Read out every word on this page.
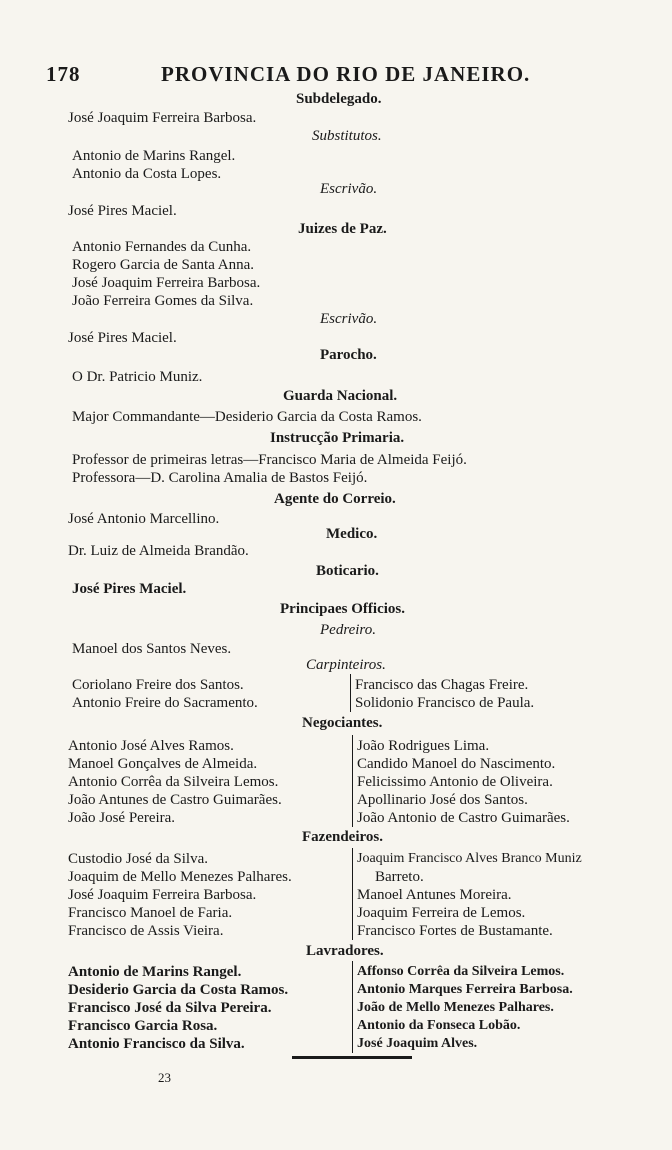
178	PROVINCIA DO RIO DE JANEIRO.
Subdelegado.
José Joaquim Ferreira Barbosa.
Substitutos.
Antonio de Marins Rangel.
Antonio da Costa Lopes.
Escrivão.
José Pires Maciel.
Juizes de Paz.
Antonio Fernandes da Cunha.
Rogero Garcia de Santa Anna.
José Joaquim Ferreira Barbosa.
João Ferreira Gomes da Silva.
Escrivão.
José Pires Maciel.
Parocho.
O Dr. Patricio Muniz.
Guarda Nacional.
Major Commandante—Desiderio Garcia da Costa Ramos.
Instrucção Primaria.
Professor de primeiras letras—Francisco Maria de Almeida Feijó.
Professora—D. Carolina Amalia de Bastos Feijó.
Agente do Correio.
José Antonio Marcellino.
Medico.
Dr. Luiz de Almeida Brandão.
Boticario.
José Pires Maciel.
Principaes Officios.
Pedreiro.
Manoel dos Santos Neves.
Carpinteiros.
Coriolano Freire dos Santos.
Antonio Freire do Sacramento.
Francisco das Chagas Freire.
Solidonio Francisco de Paula.
Negociantes.
Antonio José Alves Ramos.
Manoel Gonçalves de Almeida.
Antonio Corrêa da Silveira Lemos.
João Antunes de Castro Guimarães.
João José Pereira.
João Rodrigues Lima.
Candido Manoel do Nascimento.
Felicissimo Antonio de Oliveira.
Apollinario José dos Santos.
João Antonio de Castro Guimarães.
Fazendeiros.
Custodio José da Silva.
Joaquim de Mello Menezes Palhares.
José Joaquim Ferreira Barbosa.
Francisco Manoel de Faria.
Francisco de Assis Vieira.
Joaquim Francisco Alves Branco Muniz
Barreto.
Manoel Antunes Moreira.
Joaquim Ferreira de Lemos.
Francisco Fortes de Bustamante.
Lavradores.
Antonio de Marins Rangel.
Desiderio Garcia da Costa Ramos.
Francisco José da Silva Pereira.
Francisco Garcia Rosa.
Antonio Francisco da Silva.
Affonso Corrêa da Silveira Lemos.
Antonio Marques Ferreira Barbosa.
João de Mello Menezes Palhares.
Antonio da Fonseca Lobão.
José Joaquim Alves.
23
